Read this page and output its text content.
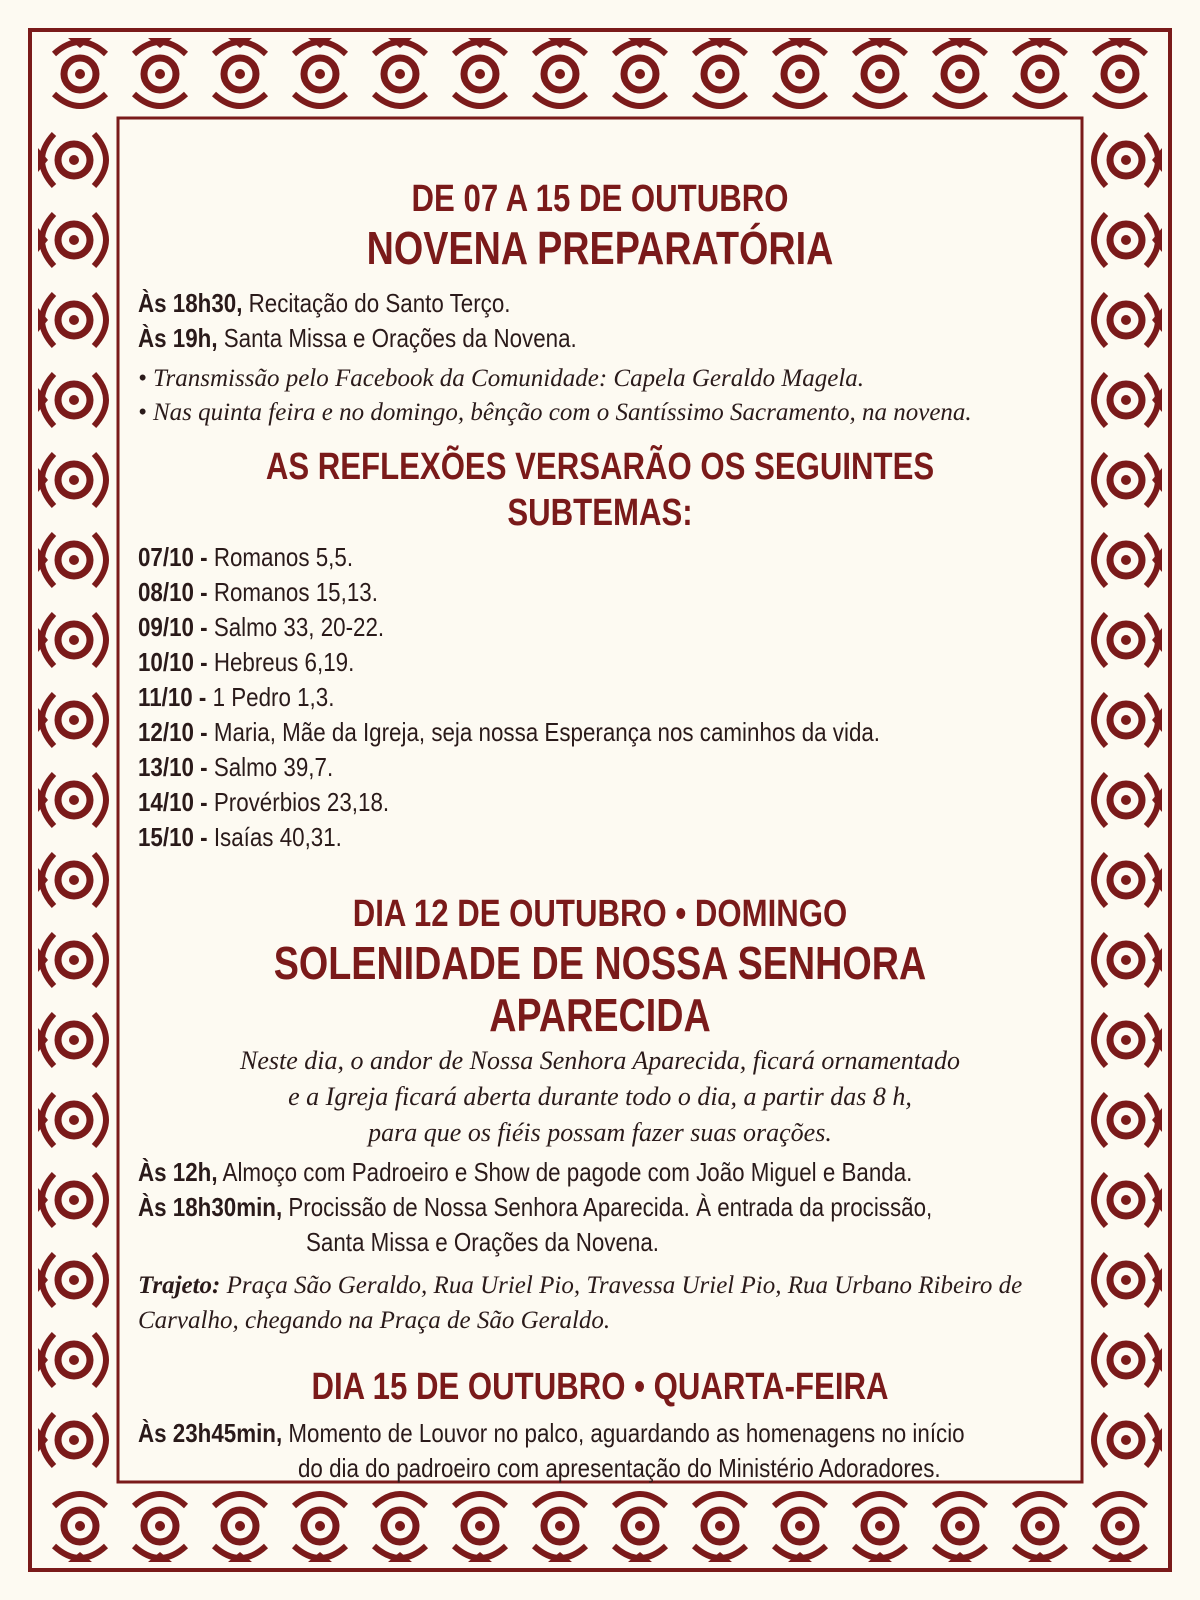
DE 07 A 15 DE OUTUBRO
NOVENA PREPARATÓRIA
Às 18h30, Recitação do Santo Terço.
Às 19h, Santa Missa e Orações da Novena.
• Transmissão pelo Facebook da Comunidade: Capela Geraldo Magela.
• Nas quinta feira e no domingo, bênção com o Santíssimo Sacramento, na novena.
AS REFLEXÕES VERSARÃO OS SEGUINTES SUBTEMAS:
07/10 - Romanos 5,5.
08/10 - Romanos 15,13.
09/10 - Salmo 33, 20-22.
10/10 - Hebreus 6,19.
11/10 - 1 Pedro 1,3.
12/10 - Maria, Mãe da Igreja, seja nossa Esperança nos caminhos da vida.
13/10 - Salmo 39,7.
14/10 - Provérbios 23,18.
15/10 - Isaías 40,31.
DIA 12 DE OUTUBRO • DOMINGO
SOLENIDADE DE NOSSA SENHORA APARECIDA
Neste dia, o andor de Nossa Senhora Aparecida, ficará ornamentado
e a Igreja ficará aberta durante todo o dia, a partir das 8 h,
para que os fiéis possam fazer suas orações.
Às 12h, Almoço com Padroeiro e Show de pagode com João Miguel e Banda.
Às 18h30min, Procissão de Nossa Senhora Aparecida. À entrada da procissão,
Santa Missa e Orações da Novena.
Trajeto: Praça São Geraldo, Rua Uriel Pio, Travessa Uriel Pio, Rua Urbano Ribeiro de
Carvalho, chegando na Praça de São Geraldo.
DIA 15 DE OUTUBRO • QUARTA-FEIRA
Às 23h45min, Momento de Louvor no palco, aguardando as homenagens no início
do dia do padroeiro com apresentação do Ministério Adoradores.
